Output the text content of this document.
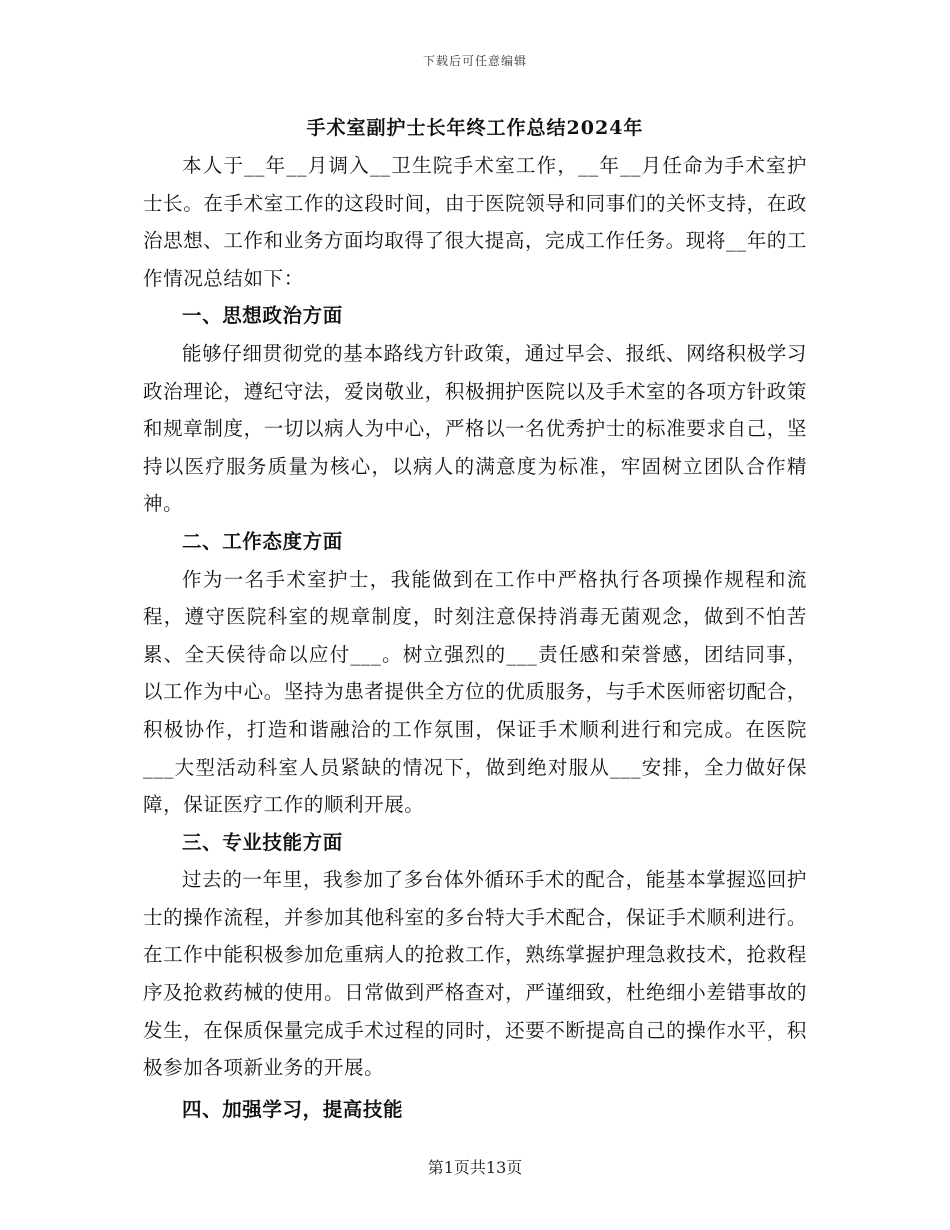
下载后可任意编辑
手术室副护士长年终工作总结2024年

本人于__年__月调入__卫生院手术室工作，__年__月任命为手术室护士长。在手术室工作的这段时间，由于医院领导和同事们的关怀支持，在政治思想、工作和业务方面均取得了很大提高，完成工作任务。现将__年的工作情况总结如下：

一、思想政治方面

能够仔细贯彻党的基本路线方针政策，通过早会、报纸、网络积极学习政治理论，遵纪守法，爱岗敬业，积极拥护医院以及手术室的各项方针政策和规章制度，一切以病人为中心，严格以一名优秀护士的标准要求自己，坚持以医疗服务质量为核心，以病人的满意度为标准，牢固树立团队合作精神。

二、工作态度方面

作为一名手术室护士，我能做到在工作中严格执行各项操作规程和流程，遵守医院科室的规章制度，时刻注意保持消毒无菌观念，做到不怕苦累、全天侯待命以应付___。树立强烈的___责任感和荣誉感，团结同事，以工作为中心。坚持为患者提供全方位的优质服务，与手术医师密切配合，积极协作，打造和谐融洽的工作氛围，保证手术顺利进行和完成。在医院___大型活动科室人员紧缺的情况下，做到绝对服从___安排，全力做好保障，保证医疗工作的顺利开展。

三、专业技能方面

过去的一年里，我参加了多台体外循环手术的配合，能基本掌握巡回护士的操作流程，并参加其他科室的多台特大手术配合，保证手术顺利进行。在工作中能积极参加危重病人的抢救工作，熟练掌握护理急救技术，抢救程序及抢救药械的使用。日常做到严格查对，严谨细致，杜绝细小差错事故的发生，在保质保量完成手术过程的同时，还要不断提高自己的操作水平，积极参加各项新业务的开展。

四、加强学习，提高技能

第1页共13页
